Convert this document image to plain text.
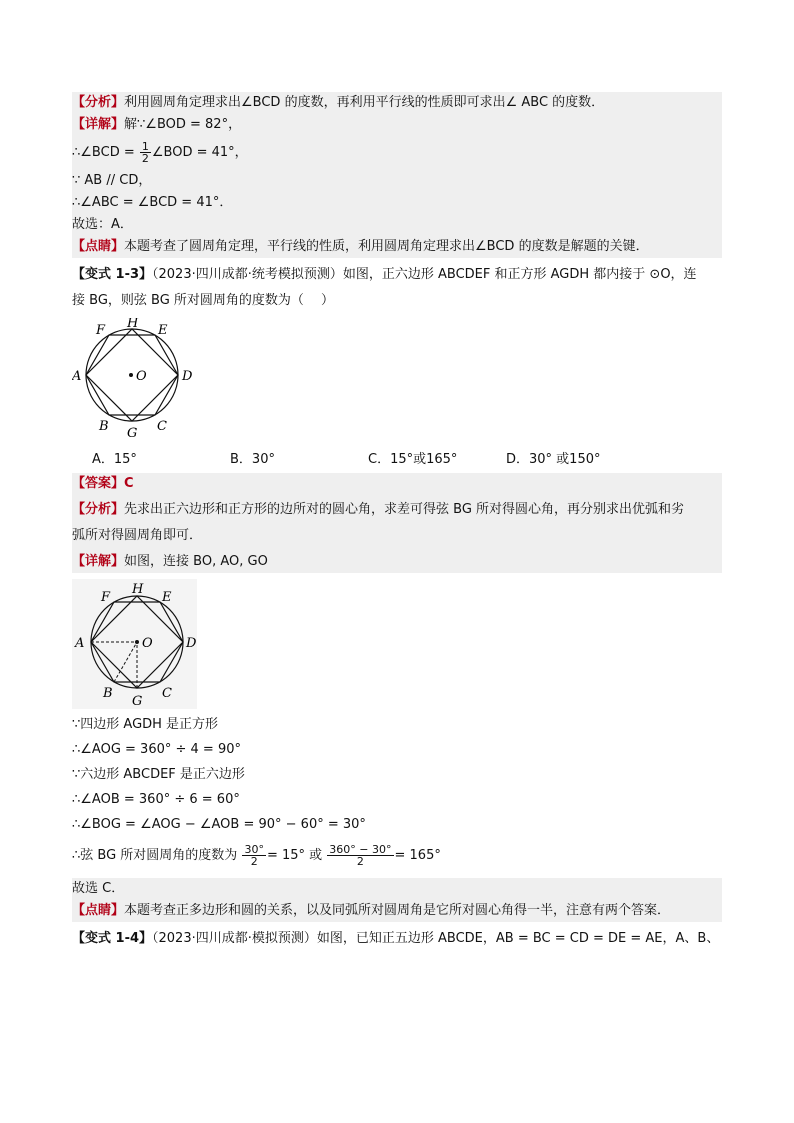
【分析】利用圆周角定理求出∠BCD 的度数，再利用平行线的性质即可求出∠ ABC 的度数．
【详解】解∵∠BOD = 82°，
∴∠BCD = $\frac{1}{2}$ ∠BOD = 41°，
∵ AB // CD，
∴∠ABC = ∠BCD = 41°．
故选：A．
【点睛】本题考查了圆周角定理，平行线的性质，利用圆周角定理求出∠BCD 的度数是解题的关键．
【变式 1-3】（2023·四川成都·统考模拟预测）如图，正六边形 ABCDEF 和正方形 AGDH 都内接于 ⊙O，连
接 BG，则弦 BG 所对圆周角的度数为（　 ）
A
B	C
D
E
F
G
H
O
A．15°	B．30°	C．15°或165°	D．30° 或150°
【答案】C
【分析】先求出正六边形和正方形的边所对的圆心角，求差可得弦 BG 所对得圆心角，再分别求出优弧和劣
弧所对得圆周角即可．
【详解】如图，连接 BO, AO, GO
A
B	C
D
E
F
G
H
O
∵四边形 AGDH 是正方形
∴∠AOG = 360° ÷ 4 = 90°
∵六边形 ABCDEF 是正六边形
∴∠AOB = 360° ÷ 6 = 60°
∴∠BOG = ∠AOG − ∠AOB = 90° − 60° = 30°
∴弦 BG 所对圆周角的度数为 $\frac{30^\circ}{2} = 15^\circ$ 或 $\frac{360^\circ - 30^\circ}{2} = 165^\circ$
故选 C．
【点睛】本题考查正多边形和圆的关系，以及同弧所对圆周角是它所对圆心角得一半，注意有两个答案．
【变式 1-4】（2023·四川成都·模拟预测）如图，已知正五边形 ABCDE，AB = BC = CD = DE = AE，A、B、
